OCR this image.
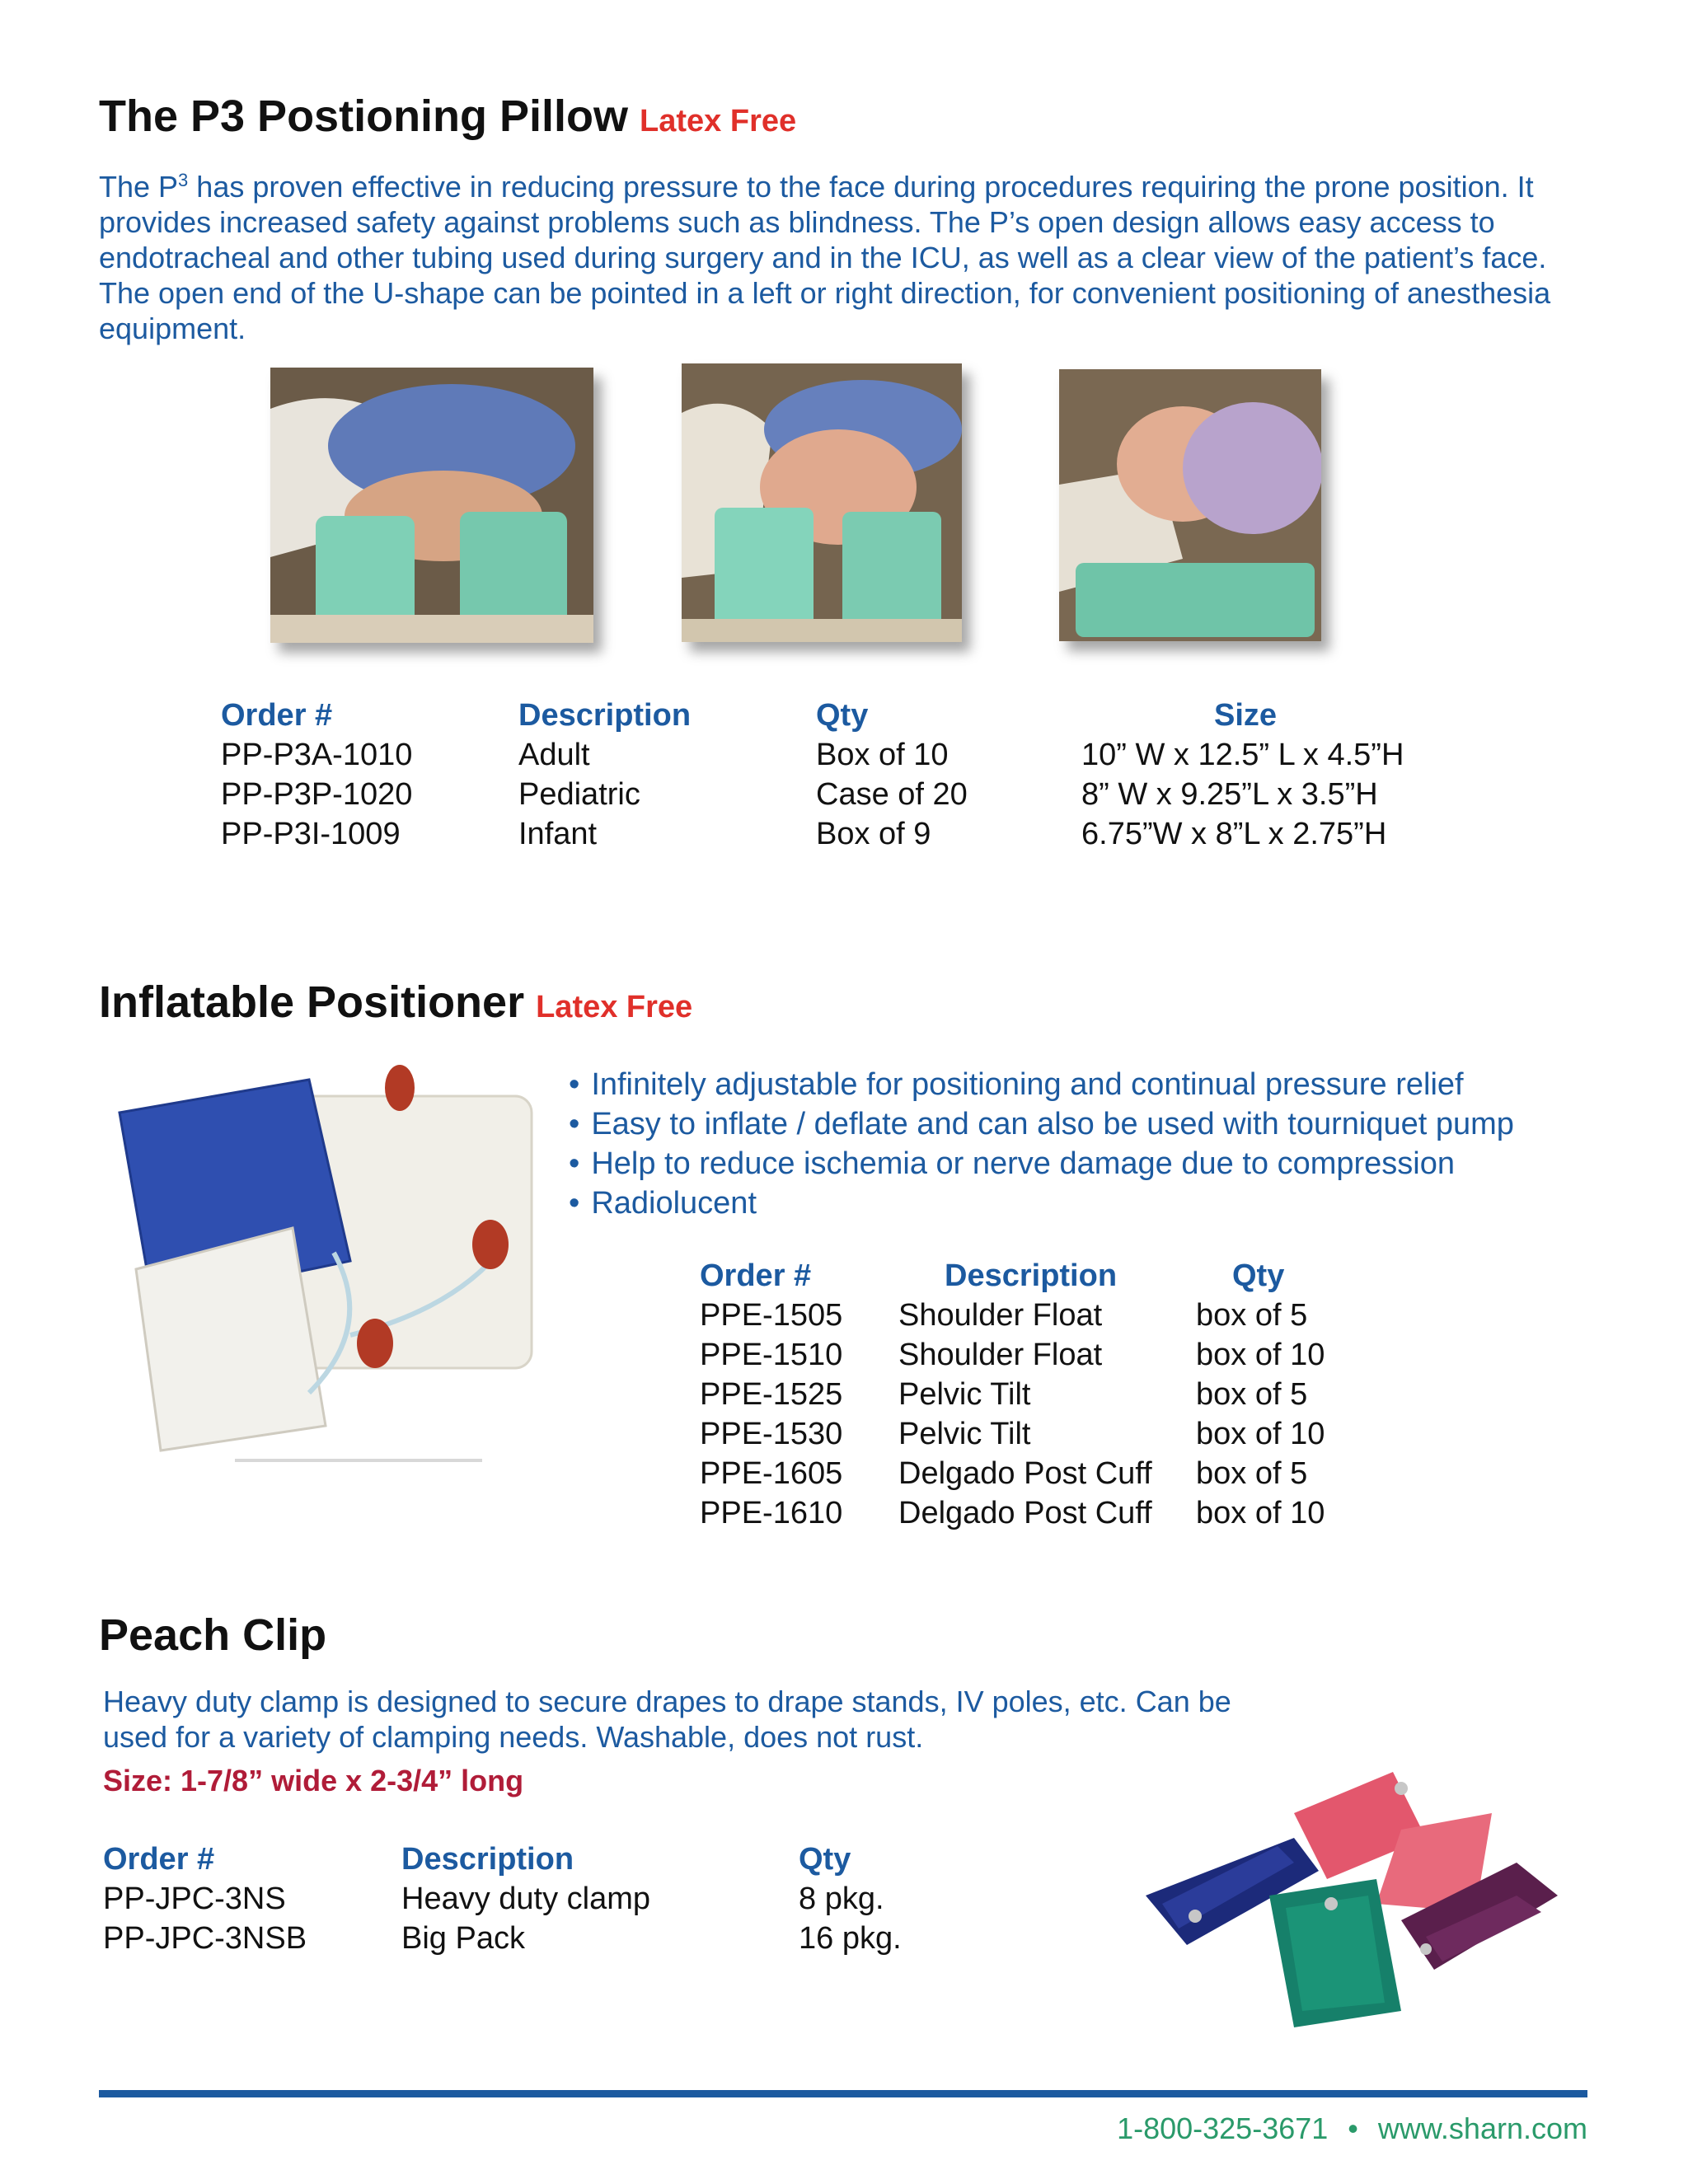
The P3 Postioning Pillow Latex Free
The $P^3$ has proven effective in reducing pressure to the face during procedures requiring the prone position. It provides increased safety against problems such as blindness. The P’s open design allows easy access to endotracheal and other tubing used during surgery and in the ICU, as well as a clear view of the patient’s face. The open end of the U-shape can be pointed in a left or right direction, for convenient positioning of anesthesia equipment.
Order #	Description	Qty	Size
PP-P3A-1010	Adult	Box of 10	10” W x 12.5” L x 4.5”H
PP-P3P-1020	Pediatric	Case of 20	8” W x 9.25”L x 3.5”H
PP-P3I-1009	Infant	Box of 9	6.75”W x 8”L x 2.75”H
Inflatable Positioner Latex Free
• Infinitely adjustable for positioning and continual pressure relief
• Easy to inflate / deflate and can also be used with tourniquet pump
• Help to reduce ischemia or nerve damage due to compression
• Radiolucent
Order #	Description	Qty
PPE-1505 Shoulder Float	box of 5
PPE-1510 Shoulder Float	box of 10
PPE-1525 Pelvic Tilt	box of 5
PPE-1530 Pelvic Tilt	box of 10
PPE-1605 Delgado Post Cuff box of 5
PPE-1610 Delgado Post Cuff box of 10
Peach Clip
Heavy duty clamp is designed to secure drapes to drape stands, IV poles, etc. Can be used for a variety of clamping needs. Washable, does not rust.
Size: 1-7/8” wide x 2-3/4” long
Order #	Description	Qty
PP-JPC-3NS	Heavy duty clamp	8 pkg.
PP-JPC-3NSB	Big Pack	16 pkg.
1-800-325-3671 • www.sharn.com
